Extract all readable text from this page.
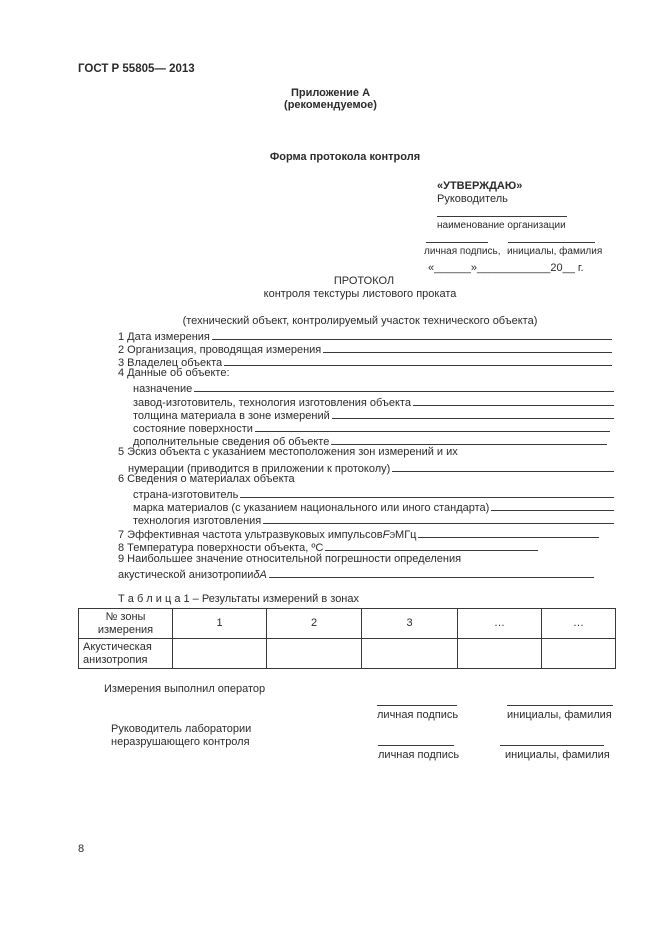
ГОСТ Р 55805— 2013
Приложение А
(рекомендуемое)
Форма протокола контроля
«УТВЕРЖДАЮ»
Руководитель
наименование организации
личная подпись, инициалы, фамилия
«______»____________20__ г.
ПРОТОКОЛ
контроля текстуры листового проката
(технический объект, контролируемый участок технического объекта)
1 Дата измерения
2 Организация, проводящая измерения
3 Владелец объекта
4 Данные об объекте:
назначение
завод-изготовитель, технология изготовления объекта
толщина материала в зоне измерений
состояние поверхности
дополнительные сведения об объекте
5 Эскиз объекта с указанием местоположения зон измерений и их
нумерации (приводится в приложении к протоколу)
6 Сведения о материалах объекта
страна-изготовитель
марка материалов (с указанием национального или иного стандарта)
технология изготовления
7 Эффективная частота ультразвуковых импульсов F Э МГц
8 Температура поверхности объекта, ºС
9 Наибольшее значение относительной погрешности определения
акустической анизотропии δA
Т а б л и ц а 1 – Результаты измерений в зонах
№ зоны измерения	1	2	3	…	…
Акустическая анизотропия					
Измерения выполнил оператор
личная подпись	инициалы, фамилия
Руководитель лаборатории
неразрушающего контроля
личная подпись	инициалы, фамилия
8
